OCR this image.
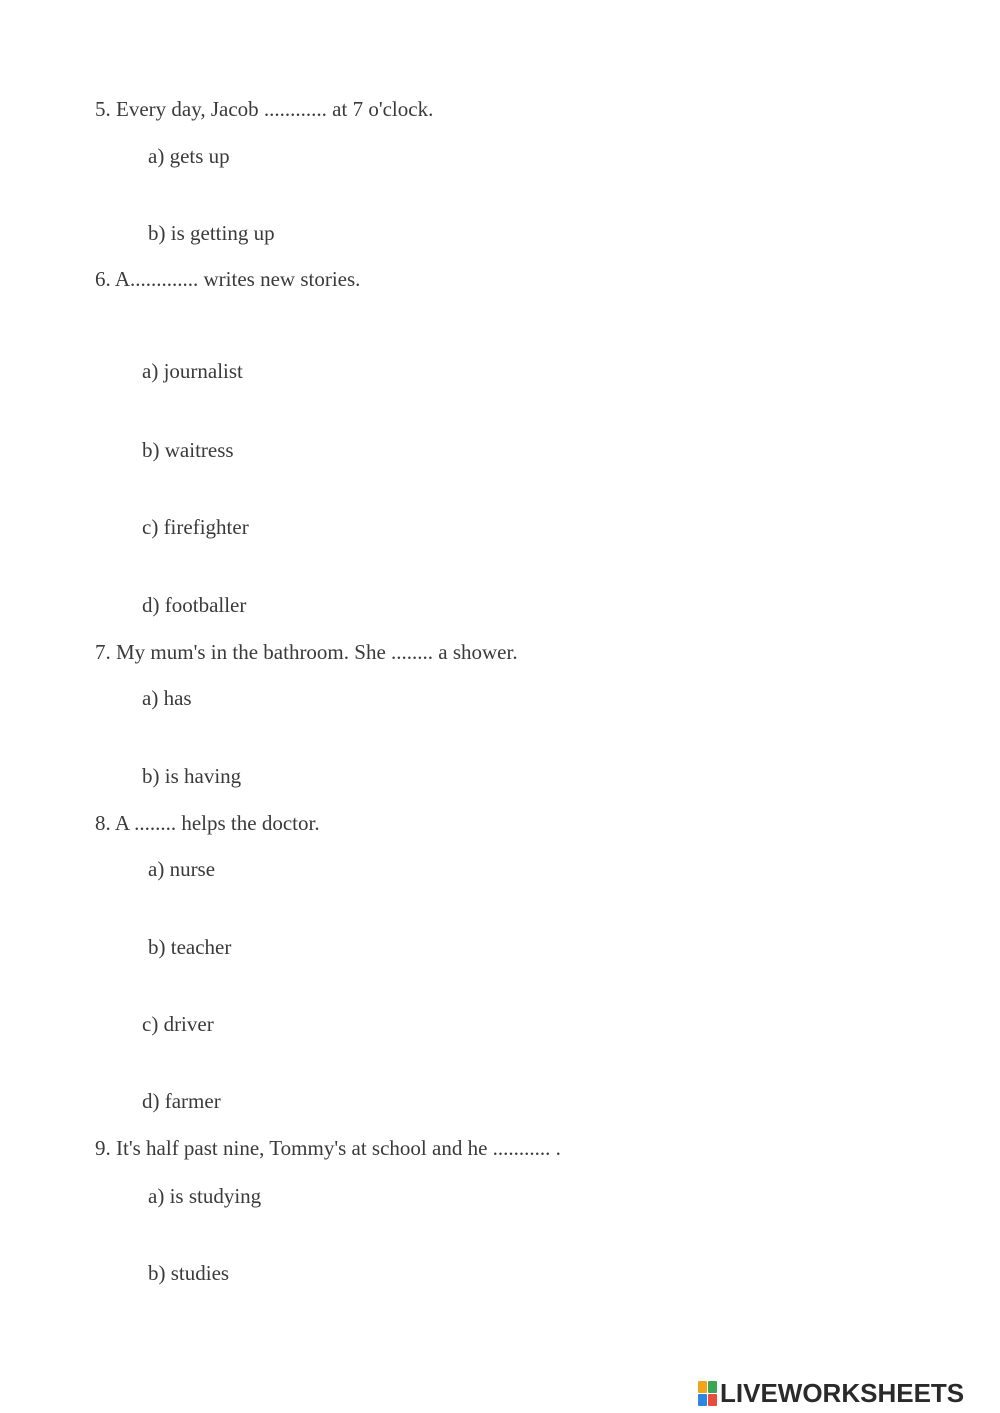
5. Every day, Jacob ............ at 7 o'clock.
a) gets up
b) is getting up
6. A............. writes new stories.
a) journalist
b) waitress
c) firefighter
d) footballer
7. My mum's in the bathroom. She ........ a shower.
a) has
b) is having
8. A ........ helps the doctor.
a) nurse
b) teacher
c) driver
d) farmer
9. It's half past nine, Tommy's at school and he ........... .
a) is studying
b) studies
LIVEWORKSHEETS
